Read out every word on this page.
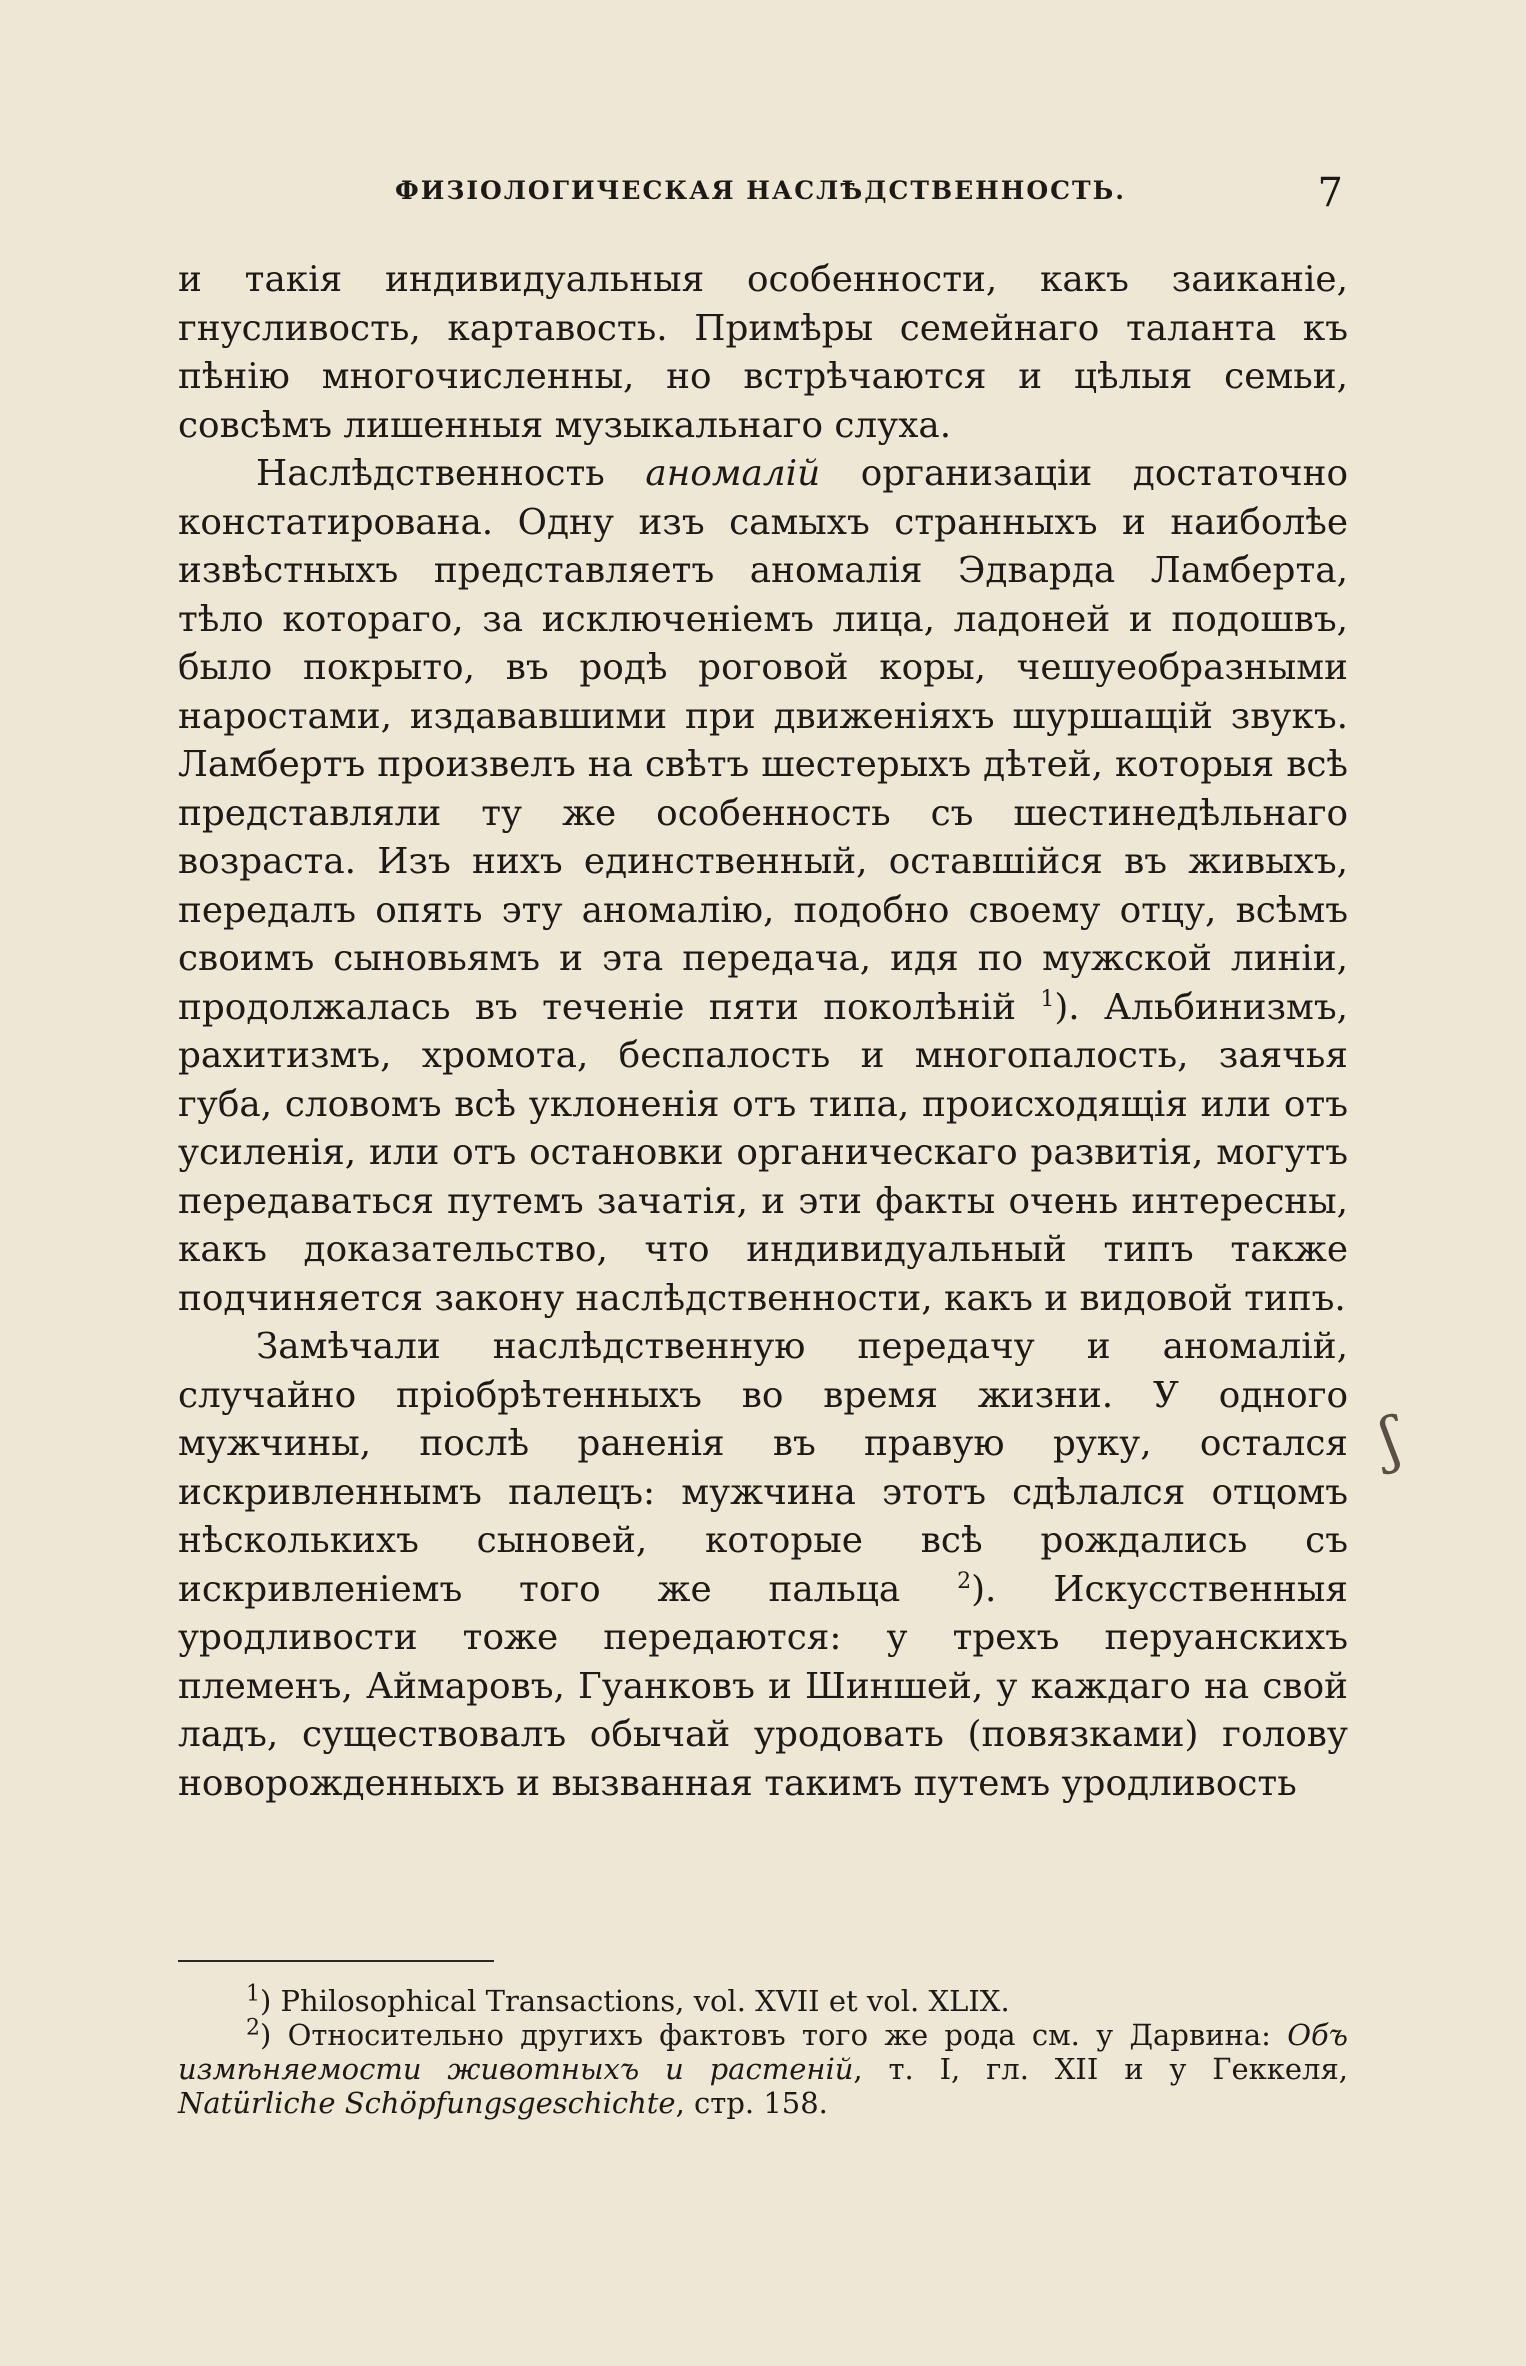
ФИЗІОЛОГИЧЕСКАЯ НАСЛѢДСТВЕННОСТЬ.	7

и такія индивидуальныя особенности, какъ заиканіе, гнусливость, картавость. Примѣры семейнаго таланта къ пѣнію многочисленны, но встрѣчаются и цѣлыя семьи, совсѣмъ лишенныя музыкальнаго слуха.

Наслѣдственность аномалій организаціи достаточно констатирована. Одну изъ самыхъ странныхъ и наиболѣе извѣстныхъ представляетъ аномалія Эдварда Ламберта, тѣло котораго, за исключеніемъ лица, ладоней и подошвъ, было покрыто, въ родѣ роговой коры, чешуеобразными наростами, издававшими при движеніяхъ шуршащій звукъ. Ламбертъ произвелъ на свѣтъ шестерыхъ дѣтей, которыя всѣ представляли ту же особенность съ шестинедѣльнаго возраста. Изъ нихъ единственный, оставшійся въ живыхъ, передалъ опять эту аномалію, подобно своему отцу, всѣмъ своимъ сыновьямъ и эта передача, идя по мужской линіи, продолжалась въ теченіе пяти поколѣній $^1$). Альбинизмъ, рахитизмъ, хромота, беспалость и многопалость, заячья губа, словомъ всѣ уклоненія отъ типа, происходящія или отъ усиленія, или отъ остановки органическаго развитія, могутъ передаваться путемъ зачатія, и эти факты очень интересны, какъ доказательство, что индивидуальный типъ также подчиняется закону наслѣдственности, какъ и видовой типъ.

Замѣчали наслѣдственную передачу и аномалій, случайно пріобрѣтенныхъ во время жизни. У одного мужчины, послѣ раненія въ правую руку, остался искривленнымъ палецъ: мужчина этотъ сдѣлался отцомъ нѣсколькихъ сыновей, которые всѣ рождались съ искривленіемъ того же пальца $^2$). Искусственныя уродливости тоже передаются: у трехъ перуанскихъ племенъ, Аймаровъ, Гуанковъ и Шиншей, у каждаго на свой ладъ, существовалъ обычай уродовать (повязками) голову новорожденныхъ и вызванная такимъ путемъ уродливость

$^1$) Philosophical Transactions, vol. XVII et vol. XLIX.

$^2$) Относительно другихъ фактовъ того же рода см. у Дарвина: Объ измѣняемости животныхъ и растеній, т. I, гл. XII и у Геккеля, Natürliche Schöpfungsgeschichte, стр. 158.

ʃ
